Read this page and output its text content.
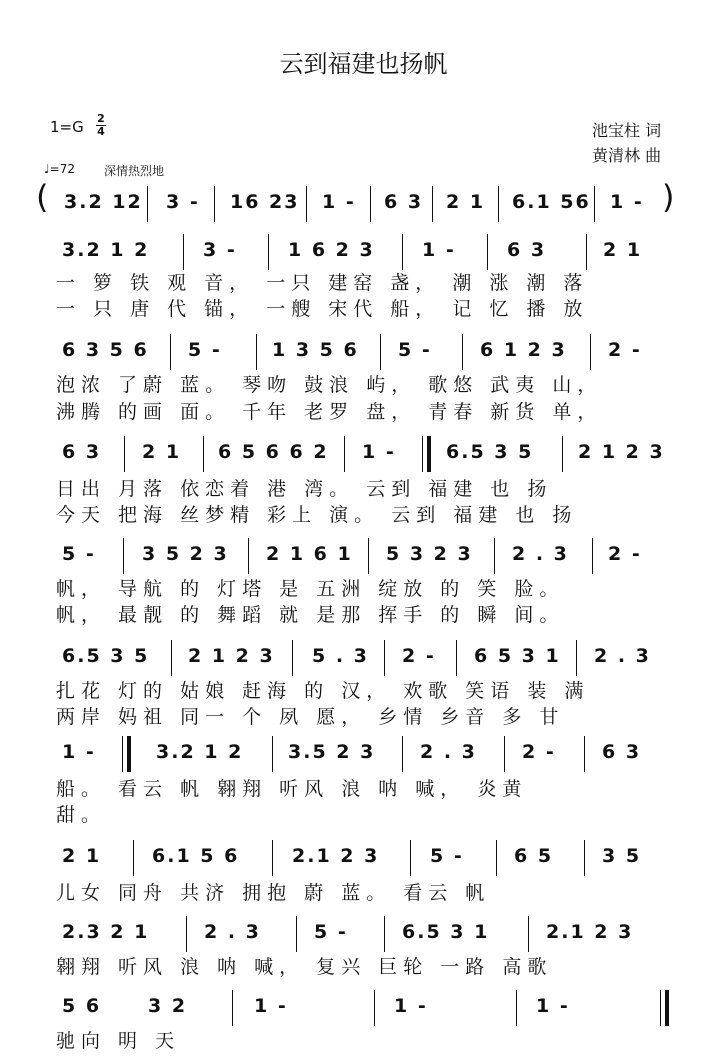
云到福建也扬帆
1=G 2
4
♩=72 深情热烈地
池宝柱 词
黄清林 曲
(	)
3.2 12 3 - 16 23 1 - 6 3 2 1 6.1 56 1 -
3.2 1 2	3 -	1 6 2 3 1 -	6 3	2 1
一 箩 铁 观 音， 一只 建窑 盏， 潮 涨 潮 落
一 只 唐 代 锚， 一艘 宋代 船， 记 忆 播 放
6 3 5 6 5 -	1 3 5 6 5 -	6 1 2 3 2 -
泡浓 了蔚 蓝。 琴吻 鼓浪 屿， 歌悠 武夷 山，
沸腾 的画 面。 千年 老罗 盘， 青春 新货 单，
6 3 2 1 6 5 6 6 2 1 -	6.5 3 5 2 1 2 3
日出 月落 依恋着 港 湾。 云到 福建 也 扬
今天 把海 丝梦精 彩上 演。 云到 福建 也 扬
5 - 3 5 2 3 2 1 6 1 5 3 2 3 2 . 3 2 -
帆， 导航 的 灯塔 是 五洲 绽放 的 笑 脸。
帆， 最靓 的 舞蹈 就 是那 挥手 的 瞬 间。
6.5 3 5 2 1 2 3 5 . 3 2 - 6 5 3 1 2 . 3
扎花 灯的 姑娘 赶海 的 汉， 欢歌 笑语 装 满
两岸 妈祖 同一 个 夙 愿， 乡情 乡音 多 甘
1 -	3.2 1 2 3.5 2 3 2 . 3 2 - 6 3
船。 看云 帆 翱翔 听风 浪 呐 喊， 炎黄
甜。
2 1	6.1 5 6	2.1 2 3	5 -	6 5	3 5
儿女 同舟 共济 拥抱 蔚 蓝。 看云 帆
2.3 2 1	2 . 3	5 -	6.5 3 1	2.1 2 3
翱翔 听风 浪 呐 喊， 复兴 巨轮 一路 高歌
5 6 3 2	1 -	1 -	1 -
驰向 明 天
